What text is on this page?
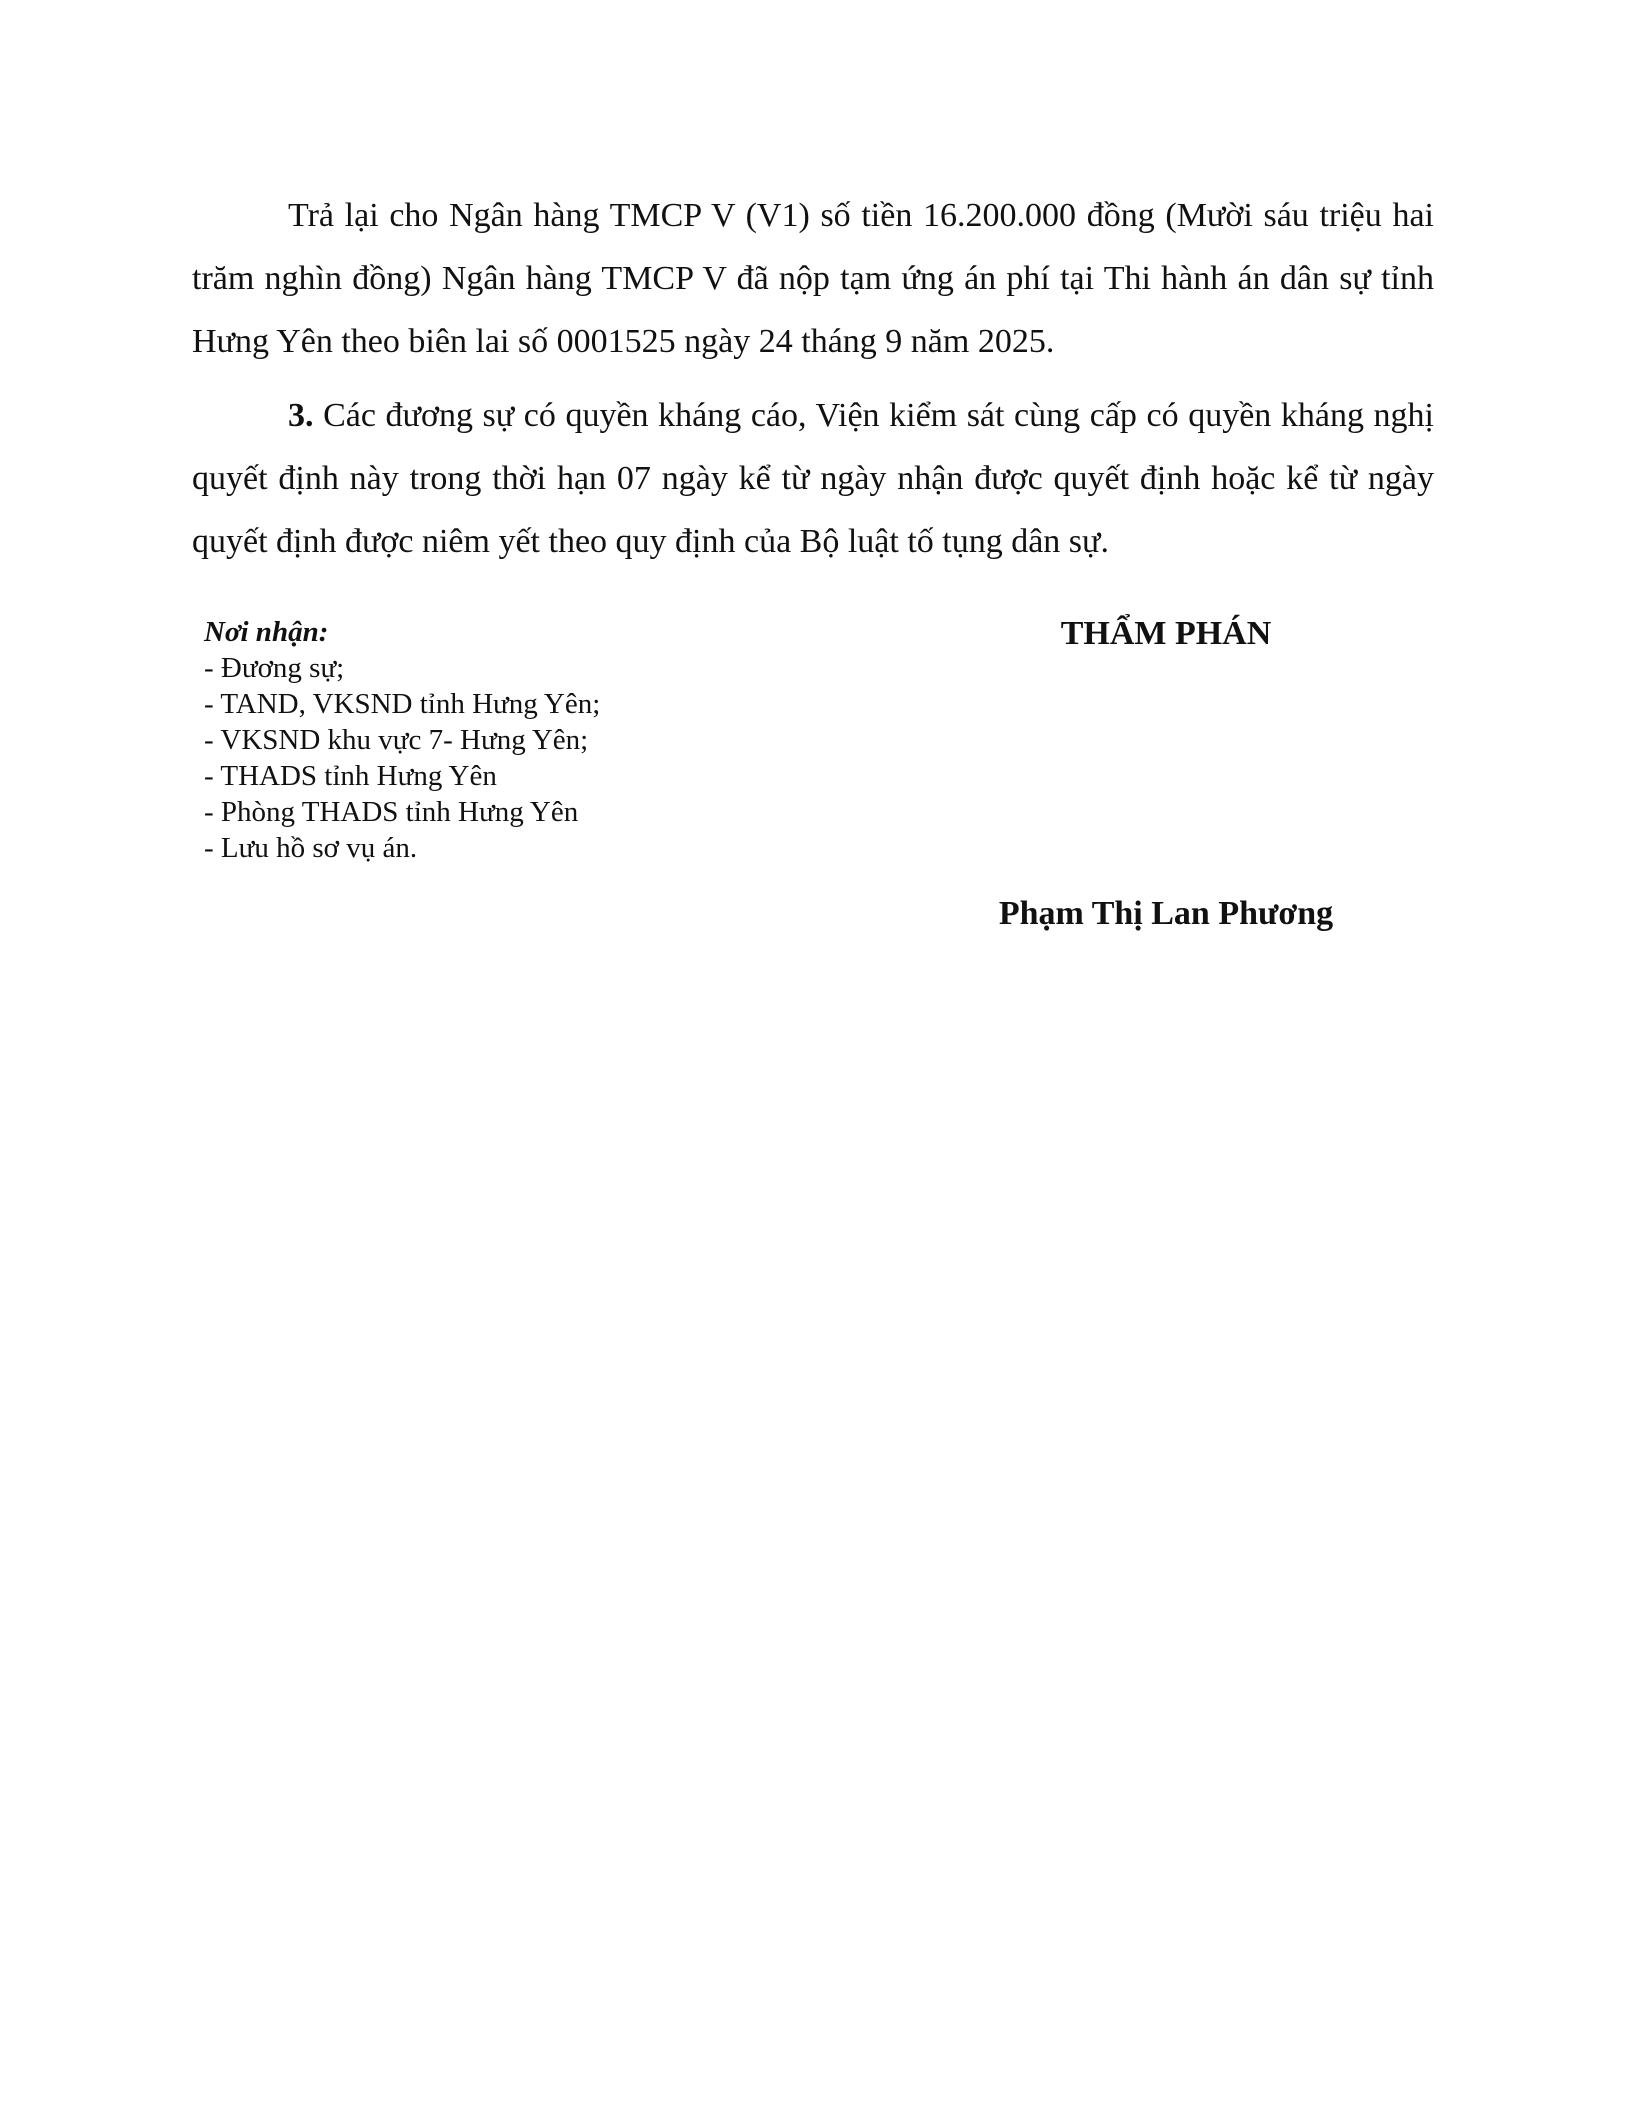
Trả lại cho Ngân hàng TMCP V (V1) số tiền 16.200.000 đồng (Mười sáu triệu hai trăm nghìn đồng) Ngân hàng TMCP V đã nộp tạm ứng án phí tại Thi hành án dân sự tỉnh Hưng Yên theo biên lai số 0001525 ngày 24 tháng 9 năm 2025.

3. Các đương sự có quyền kháng cáo, Viện kiểm sát cùng cấp có quyền kháng nghị quyết định này trong thời hạn 07 ngày kể từ ngày nhận được quyết định hoặc kể từ ngày quyết định được niêm yết theo quy định của Bộ luật tố tụng dân sự.

Nơi nhận:

- Đương sự;
- TAND, VKSND tỉnh Hưng Yên;
- VKSND khu vực 7- Hưng Yên;
- THADS tỉnh Hưng Yên
- Phòng THADS tỉnh Hưng Yên
- Lưu hồ sơ vụ án.

THẨM PHÁN

Phạm Thị Lan Phương
